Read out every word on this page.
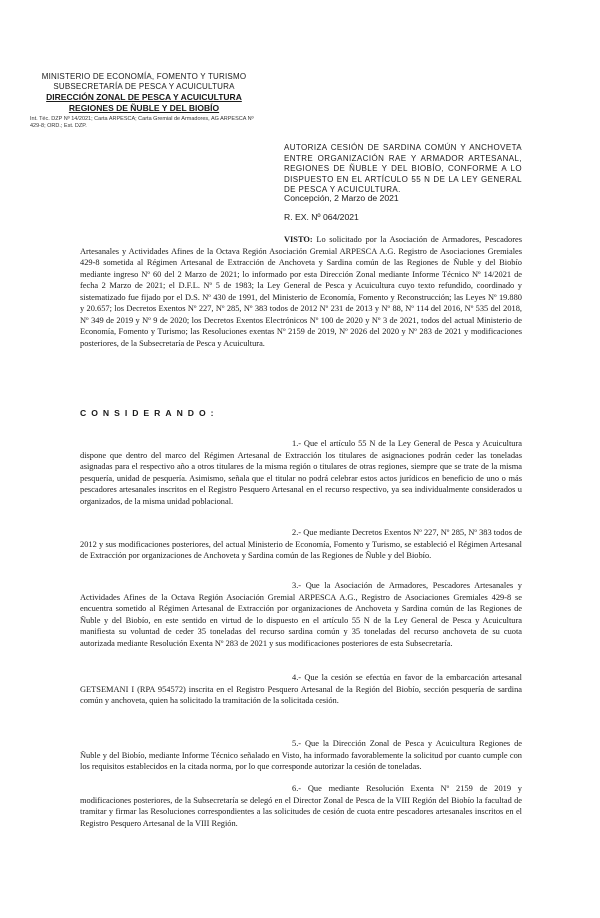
MINISTERIO DE ECONOMÍA, FOMENTO Y TURISMO
SUBSECRETARÍA DE PESCA Y ACUICULTURA
DIRECCIÓN ZONAL DE PESCA Y ACUICULTURA
REGIONES DE ÑUBLE Y DEL BIOBÍO
Int. Téc. DZP Nº 14/2021; Carta ARPESCA; Carta Gremial de Armadores, AG ARPESCA Nº 429-8; ORD.; Est. DZP.
AUTORIZA CESIÓN DE SARDINA COMÚN Y ANCHOVETA ENTRE ORGANIZACIÓN RAE Y ARMADOR ARTESANAL, REGIONES DE ÑUBLE Y DEL BIOBÍO, CONFORME A LO DISPUESTO EN EL ARTÍCULO 55 N DE LA LEY GENERAL DE PESCA Y ACUICULTURA.
Concepción, 2 Marzo de 2021
R. EX. Nº 064/2021
VISTO: Lo solicitado por la Asociación de Armadores, Pescadores Artesanales y Actividades Afines de la Octava Región Asociación Gremial ARPESCA A.G. Registro de Asociaciones Gremiales 429-8 sometida al Régimen Artesanal de Extracción de Anchoveta y Sardina común de las Regiones de Ñuble y del Biobío mediante ingreso Nº 60 del 2 Marzo de 2021; lo informado por esta Dirección Zonal mediante Informe Técnico Nº 14/2021 de fecha 2 Marzo de 2021; el D.F.L. Nº 5 de 1983; la Ley General de Pesca y Acuicultura cuyo texto refundido, coordinado y sistematizado fue fijado por el D.S. Nº 430 de 1991, del Ministerio de Economía, Fomento y Reconstrucción; las Leyes Nº 19.880 y 20.657; los Decretos Exentos Nº 227, Nº 285, Nº 383 todos de 2012 Nº 231 de 2013 y Nº 88, Nº 114 del 2016, Nº 535 del 2018, Nº 349 de 2019 y Nº 9 de 2020; los Decretos Exentos Electrónicos Nº 100 de 2020 y Nº 3 de 2021, todos del actual Ministerio de Economía, Fomento y Turismo; las Resoluciones exentas Nº 2159 de 2019, Nº 2026 del 2020 y Nº 283 de 2021 y modificaciones posteriores, de la Subsecretaría de Pesca y Acuicultura.
CONSIDERANDO:
1.- Que el artículo 55 N de la Ley General de Pesca y Acuicultura dispone que dentro del marco del Régimen Artesanal de Extracción los titulares de asignaciones podrán ceder las toneladas asignadas para el respectivo año a otros titulares de la misma región o titulares de otras regiones, siempre que se trate de la misma pesquería, unidad de pesquería. Asimismo, señala que el titular no podrá celebrar estos actos jurídicos en beneficio de uno o más pescadores artesanales inscritos en el Registro Pesquero Artesanal en el recurso respectivo, ya sea individualmente considerados u organizados, de la misma unidad poblacional.
2.- Que mediante Decretos Exentos Nº 227, Nº 285, Nº 383 todos de 2012 y sus modificaciones posteriores, del actual Ministerio de Economía, Fomento y Turismo, se estableció el Régimen Artesanal de Extracción por organizaciones de Anchoveta y Sardina común de las Regiones de Ñuble y del Biobío.
3.- Que la Asociación de Armadores, Pescadores Artesanales y Actividades Afines de la Octava Región Asociación Gremial ARPESCA A.G., Registro de Asociaciones Gremiales 429-8 se encuentra sometido al Régimen Artesanal de Extracción por organizaciones de Anchoveta y Sardina común de las Regiones de Ñuble y del Biobío, en este sentido en virtud de lo dispuesto en el artículo 55 N de la Ley General de Pesca y Acuicultura manifiesta su voluntad de ceder 35 toneladas del recurso sardina común y 35 toneladas del recurso anchoveta de su cuota autorizada mediante Resolución Exenta Nº 283 de 2021 y sus modificaciones posteriores de esta Subsecretaría.
4.- Que la cesión se efectúa en favor de la embarcación artesanal GETSEMANI I (RPA 954572) inscrita en el Registro Pesquero Artesanal de la Región del Biobío, sección pesquería de sardina común y anchoveta, quien ha solicitado la tramitación de la solicitada cesión.
5.- Que la Dirección Zonal de Pesca y Acuicultura Regiones de Ñuble y del Biobío, mediante Informe Técnico señalado en Visto, ha informado favorablemente la solicitud por cuanto cumple con los requisitos establecidos en la citada norma, por lo que corresponde autorizar la cesión de toneladas.
6.- Que mediante Resolución Exenta Nº 2159 de 2019 y modificaciones posteriores, de la Subsecretaría se delegó en el Director Zonal de Pesca de la VIII Región del Biobío la facultad de tramitar y firmar las Resoluciones correspondientes a las solicitudes de cesión de cuota entre pescadores artesanales inscritos en el Registro Pesquero Artesanal de la VIII Región.
